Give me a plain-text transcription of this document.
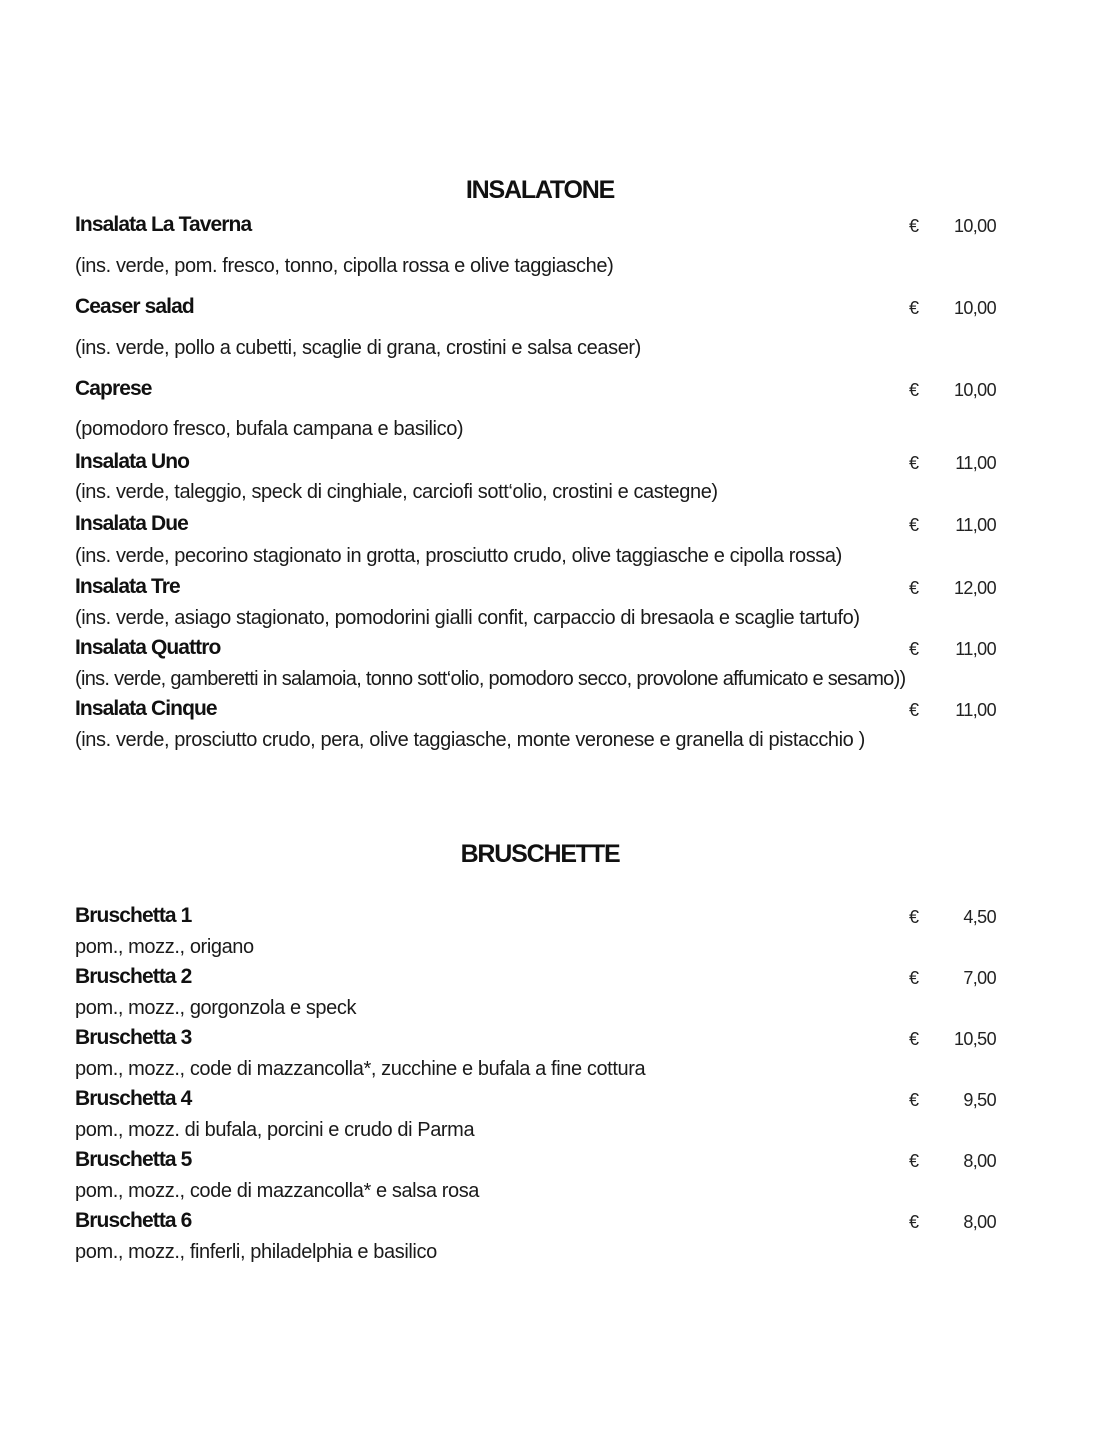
INSALATONE
Insalata La Taverna	€	10,00
(ins. verde, pom. fresco, tonno, cipolla rossa e olive taggiasche)
Ceaser salad	€	10,00
(ins. verde, pollo a cubetti, scaglie di grana, crostini e salsa ceaser)
Caprese	€	10,00
(pomodoro fresco, bufala campana e basilico)
Insalata Uno	€	11,00
(ins. verde, taleggio, speck di cinghiale, carciofi sott‘olio, crostini e castegne)
Insalata Due	€	11,00
(ins. verde, pecorino stagionato in grotta, prosciutto crudo, olive taggiasche e cipolla rossa)
Insalata Tre	€	12,00
(ins. verde, asiago stagionato, pomodorini gialli confit, carpaccio di bresaola e scaglie tartufo)
Insalata Quattro	€	11,00
(ins. verde, gamberetti in salamoia, tonno sott‘olio, pomodoro secco, provolone affumicato e sesamo))
Insalata Cinque	€	11,00
(ins. verde, prosciutto crudo, pera, olive taggiasche, monte veronese e granella di pistacchio )
BRUSCHETTE
Bruschetta 1	€	4,50
pom., mozz., origano
Bruschetta 2	€	7,00
pom., mozz., gorgonzola e speck
Bruschetta 3	€	10,50
pom., mozz., code di mazzancolla*, zucchine e bufala a fine cottura
Bruschetta 4	€	9,50
pom., mozz. di bufala, porcini e crudo di Parma
Bruschetta 5	€	8,00
pom., mozz., code di mazzancolla* e salsa rosa
Bruschetta 6	€	8,00
pom., mozz., finferli, philadelphia e basilico
